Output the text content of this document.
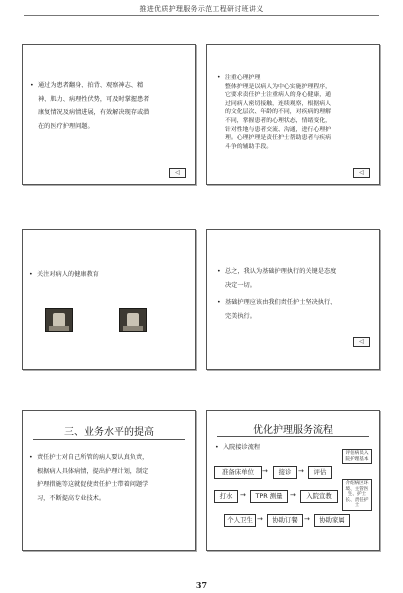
推进优质护理服务示范工程研讨班讲义
• 通过为患者翻身、拍背、观察神志、精
神、肌力、病理性伏势，可及时掌握患者
康复情况及病情进展，有效解决现存或潜
在的医疗护理问题。
◁
• 注重心理护理
整体护理是以病人为中心实施护理程序，
它要求责任护士注重病人的身心健康，通
过同病人密切接触，连续观察，根据病人
的文化层次、年龄的不同，对疾病的理解
不同，掌握患者的心理状态，情绪变化，
针对性地与患者交流、沟通，进行心理护
理。心理护理是责任护士帮助患者与疾病
斗争的辅助手段。
◁
• 关注对病人的健康教育	• 总之，我认为基础护理执行的关键是态度
决定一切。
• 基础护理应该由我们责任护士坚决执行、
完美执行。
◁
三、业务水平的提高
• 责任护士对自己所管的病人要认真负责，
根据病人具体病情，提出护理计划，制定
护理措施等这就促使责任护士带着问题学
习，不断提高专业技术。
优化护理服务流程
• 入院接诊流程
准备床单位	→	接诊 →	评估
评估病员入院护理基本
打水	→	TPR 测量	→	入院宣教
介绍病区环境、主管医生、护士长、责任护士
个人卫生 →	协助订餐 →	协助家属
37
